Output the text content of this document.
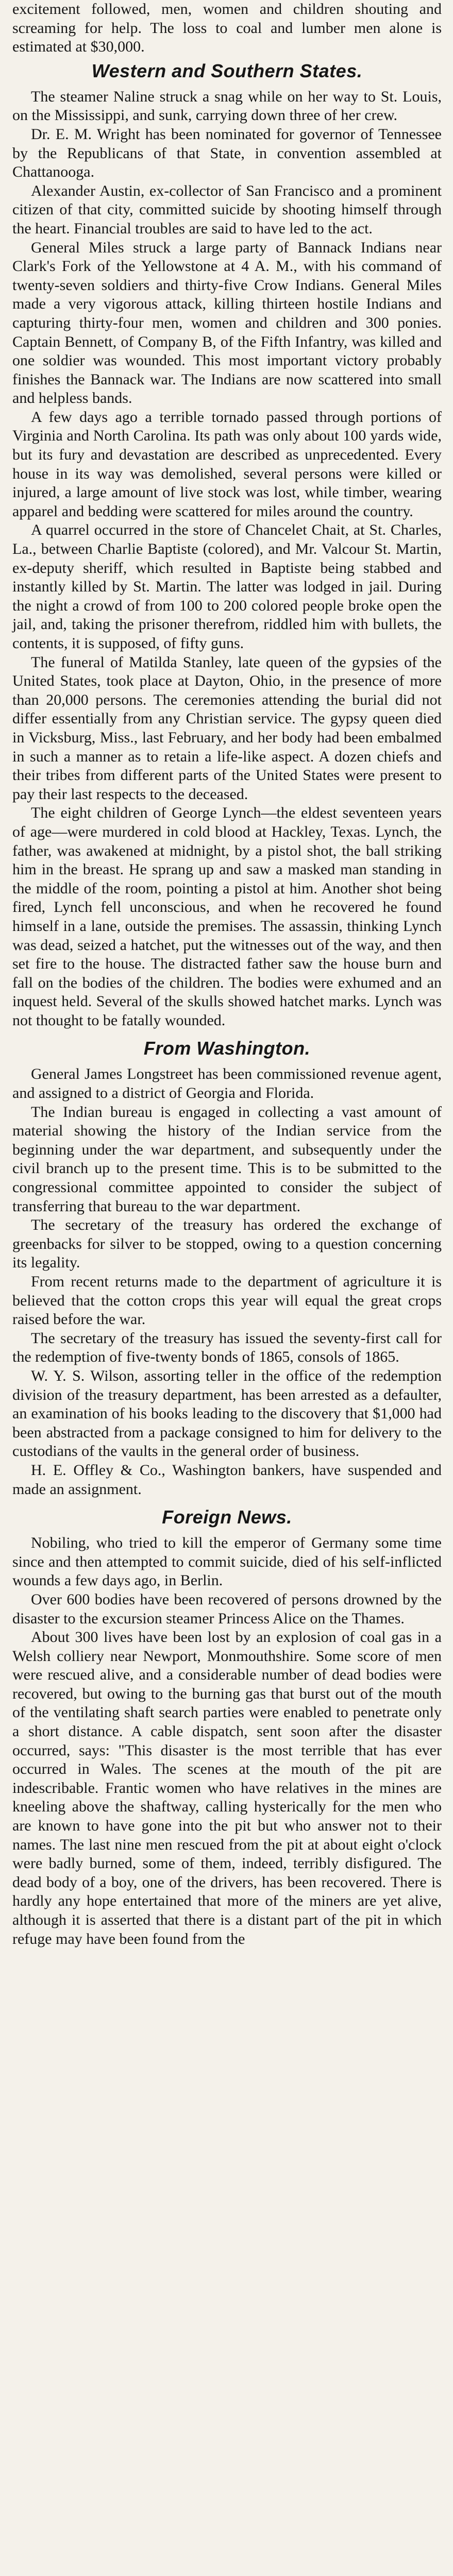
excitement followed, men, women and children shouting and screaming for help. The loss to coal and lumber men alone is estimated at $30,000.

Western and Southern States.

The steamer Naline struck a snag while on her way to St. Louis, on the Mississippi, and sunk, carrying down three of her crew.

Dr. E. M. Wright has been nominated for governor of Tennessee by the Republicans of that State, in convention assembled at Chattanooga.

Alexander Austin, ex-collector of San Francisco and a prominent citizen of that city, committed suicide by shooting himself through the heart. Financial troubles are said to have led to the act.

General Miles struck a large party of Bannack Indians near Clark's Fork of the Yellowstone at 4 A. M., with his command of twenty-seven soldiers and thirty-five Crow Indians. General Miles made a very vigorous attack, killing thirteen hostile Indians and capturing thirty-four men, women and children and 300 ponies. Captain Bennett, of Company B, of the Fifth Infantry, was killed and one soldier was wounded. This most important victory probably finishes the Bannack war. The Indians are now scattered into small and helpless bands.

A few days ago a terrible tornado passed through portions of Virginia and North Carolina. Its path was only about 100 yards wide, but its fury and devastation are described as unprecedented. Every house in its way was demolished, several persons were killed or injured, a large amount of live stock was lost, while timber, wearing apparel and bedding were scattered for miles around the country.

A quarrel occurred in the store of Chancelet Chait, at St. Charles, La., between Charlie Baptiste (colored), and Mr. Valcour St. Martin, ex-deputy sheriff, which resulted in Baptiste being stabbed and instantly killed by St. Martin. The latter was lodged in jail. During the night a crowd of from 100 to 200 colored people broke open the jail, and, taking the prisoner therefrom, riddled him with bullets, the contents, it is supposed, of fifty guns.

The funeral of Matilda Stanley, late queen of the gypsies of the United States, took place at Dayton, Ohio, in the presence of more than 20,000 persons. The ceremonies attending the burial did not differ essentially from any Christian service. The gypsy queen died in Vicksburg, Miss., last February, and her body had been embalmed in such a manner as to retain a life-like aspect. A dozen chiefs and their tribes from different parts of the United States were present to pay their last respects to the deceased.

The eight children of George Lynch—the eldest seventeen years of age—were murdered in cold blood at Hackley, Texas. Lynch, the father, was awakened at midnight, by a pistol shot, the ball striking him in the breast. He sprang up and saw a masked man standing in the middle of the room, pointing a pistol at him. Another shot being fired, Lynch fell unconscious, and when he recovered he found himself in a lane, outside the premises. The assassin, thinking Lynch was dead, seized a hatchet, put the witnesses out of the way, and then set fire to the house. The distracted father saw the house burn and fall on the bodies of the children. The bodies were exhumed and an inquest held. Several of the skulls showed hatchet marks. Lynch was not thought to be fatally wounded.

From Washington.

General James Longstreet has been commissioned revenue agent, and assigned to a district of Georgia and Florida.

The Indian bureau is engaged in collecting a vast amount of material showing the history of the Indian service from the beginning under the war department, and subsequently under the civil branch up to the present time. This is to be submitted to the congressional committee appointed to consider the subject of transferring that bureau to the war department.

The secretary of the treasury has ordered the exchange of greenbacks for silver to be stopped, owing to a question concerning its legality.

From recent returns made to the department of agriculture it is believed that the cotton crops this year will equal the great crops raised before the war.

The secretary of the treasury has issued the seventy-first call for the redemption of five-twenty bonds of 1865, consols of 1865.

W. Y. S. Wilson, assorting teller in the office of the redemption division of the treasury department, has been arrested as a defaulter, an examination of his books leading to the discovery that $1,000 had been abstracted from a package consigned to him for delivery to the custodians of the vaults in the general order of business.

H. E. Offley & Co., Washington bankers, have suspended and made an assignment.

Foreign News.

Nobiling, who tried to kill the emperor of Germany some time since and then attempted to commit suicide, died of his self-inflicted wounds a few days ago, in Berlin.

Over 600 bodies have been recovered of persons drowned by the disaster to the excursion steamer Princess Alice on the Thames.

About 300 lives have been lost by an explosion of coal gas in a Welsh colliery near Newport, Monmouthshire. Some score of men were rescued alive, and a considerable number of dead bodies were recovered, but owing to the burning gas that burst out of the mouth of the ventilating shaft search parties were enabled to penetrate only a short distance. A cable dispatch, sent soon after the disaster occurred, says: "This disaster is the most terrible that has ever occurred in Wales. The scenes at the mouth of the pit are indescribable. Frantic women who have relatives in the mines are kneeling above the shaftway, calling hysterically for the men who are known to have gone into the pit but who answer not to their names. The last nine men rescued from the pit at about eight o'clock were badly burned, some of them, indeed, terribly disfigured. The dead body of a boy, one of the drivers, has been recovered. There is hardly any hope entertained that more of the miners are yet alive, although it is asserted that there is a distant part of the pit in which refuge may have been found from the
